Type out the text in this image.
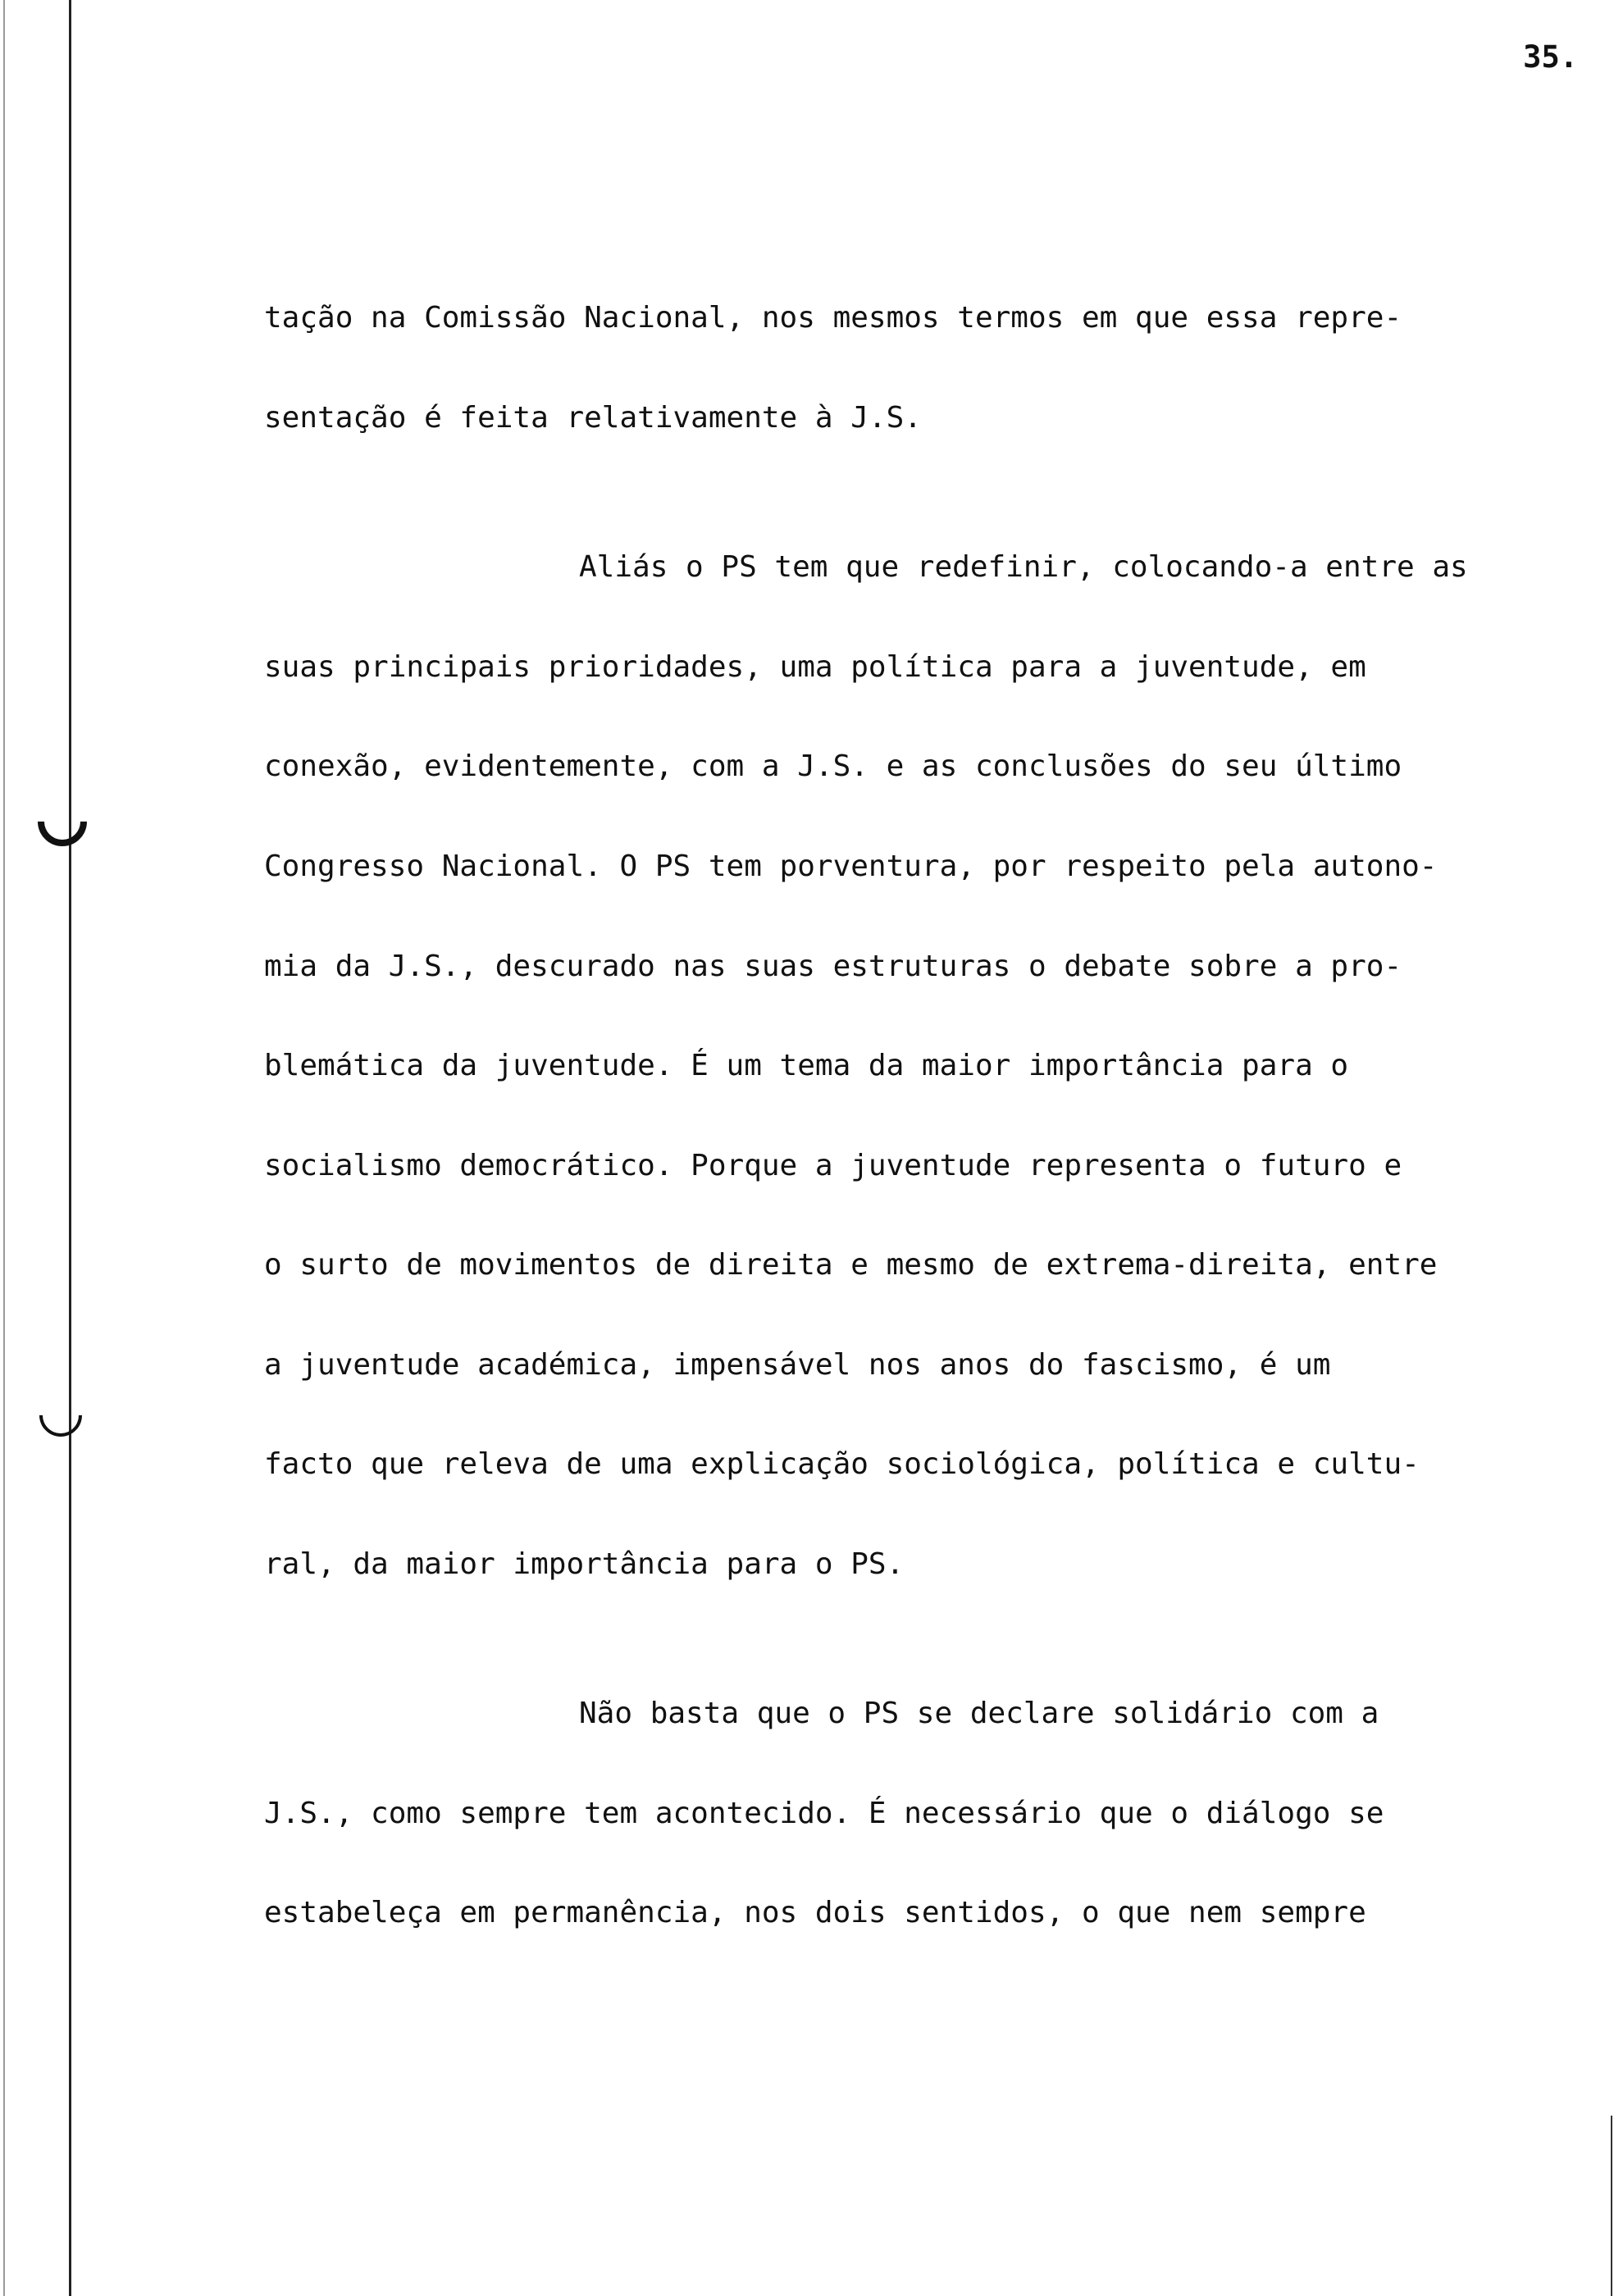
35.
tação na Comissão Nacional, nos mesmos termos em que essa repre-
sentação é feita relativamente à J.S.
Aliás o PS tem que redefinir, colocando-a entre as
suas principais prioridades, uma política para a juventude, em
conexão, evidentemente, com a J.S. e as conclusões do seu último
Congresso Nacional. O PS tem porventura, por respeito pela autono-
mia da J.S., descurado nas suas estruturas o debate sobre a pro-
blemática da juventude. É um tema da maior importância para o
socialismo democrático. Porque a juventude representa o futuro e
o surto de movimentos de direita e mesmo de extrema-direita, entre
a juventude académica, impensável nos anos do fascismo, é um
facto que releva de uma explicação sociológica, política e cultu-
ral, da maior importância para o PS.
Não basta que o PS se declare solidário com a
J.S., como sempre tem acontecido. É necessário que o diálogo se
estabeleça em permanência, nos dois sentidos, o que nem sempre
